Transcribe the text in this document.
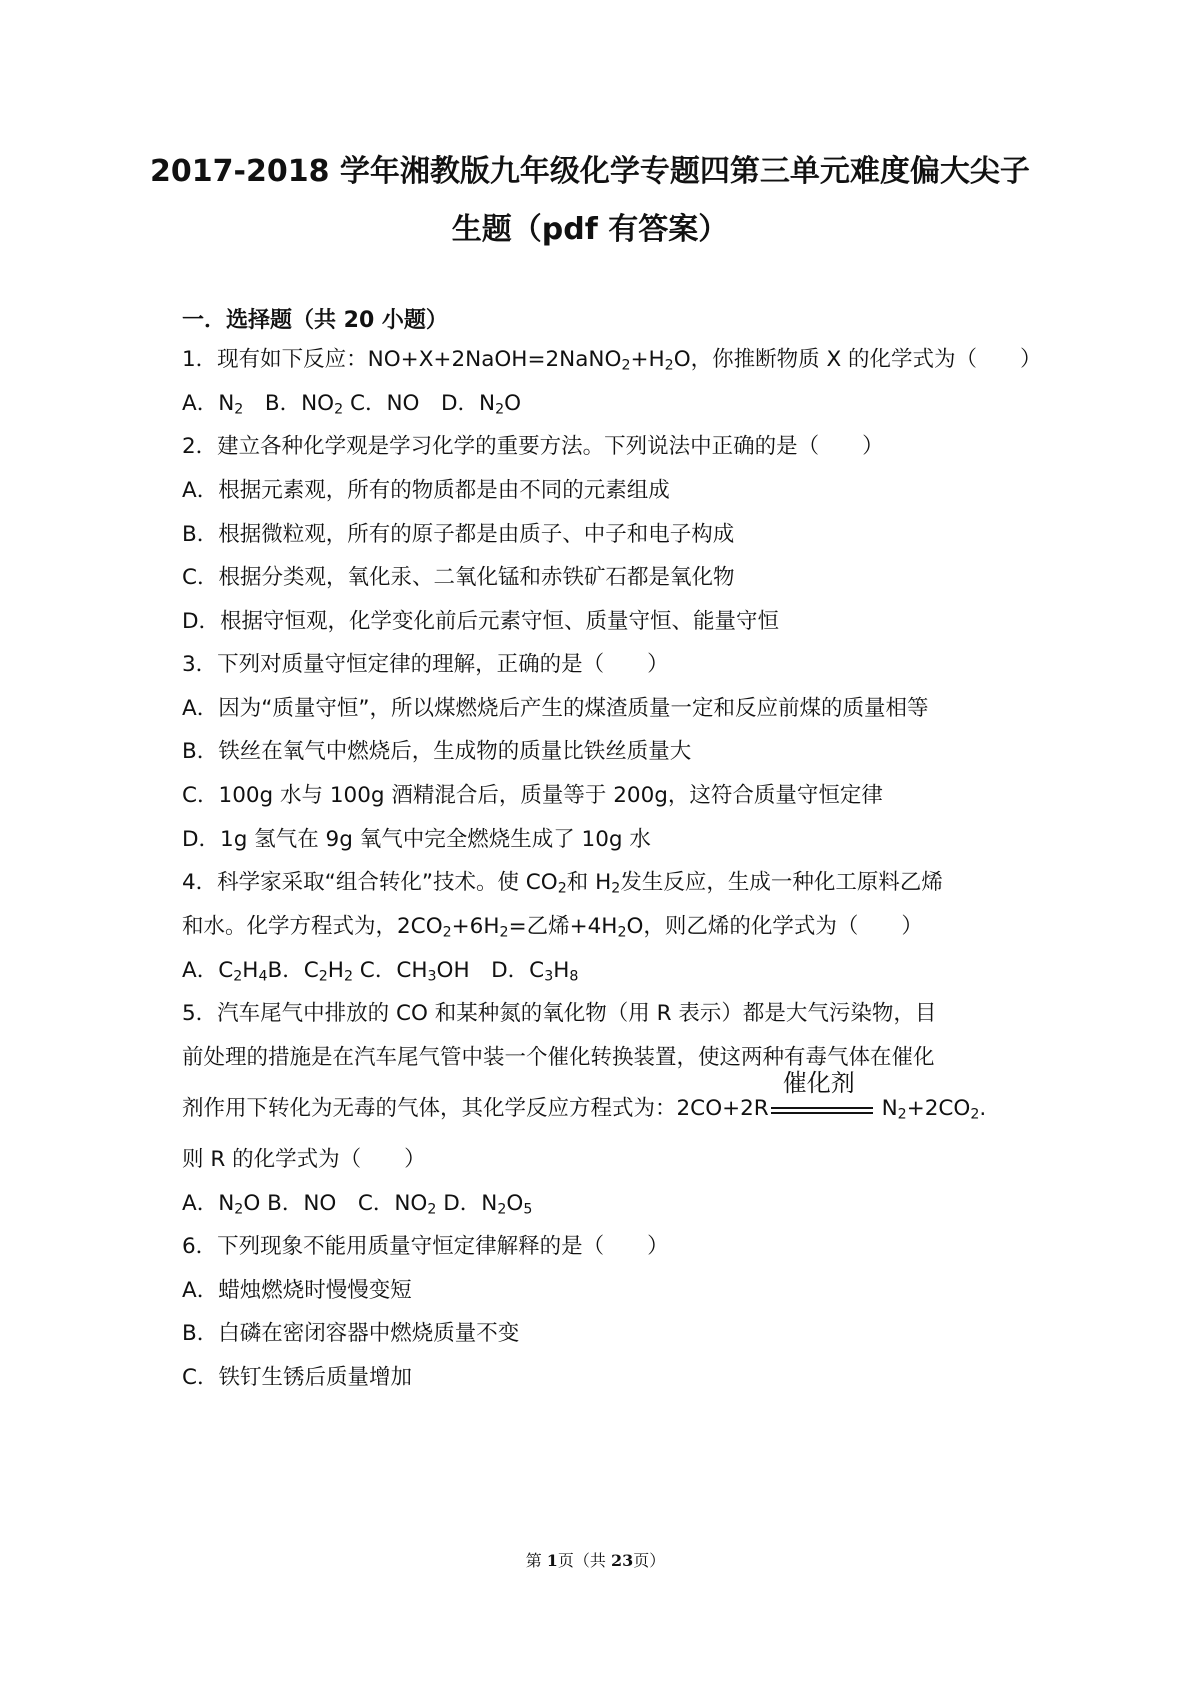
2017-2018 学年湘教版九年级化学专题四第三单元难度偏大尖子
生题（pdf 有答案）
一．选择题（共 20 小题）
1．现有如下反应：$NO+X+2NaOH=2NaNO_2+H_2O$，你推断物质 X 的化学式为（　　）
A．$N_2$　B．$NO_2$ C．NO　D．$N_2O$
2．建立各种化学观是学习化学的重要方法。下列说法中正确的是（　　）
A．根据元素观，所有的物质都是由不同的元素组成
B．根据微粒观，所有的原子都是由质子、中子和电子构成
C．根据分类观，氧化汞、二氧化锰和赤铁矿石都是氧化物
D．根据守恒观，化学变化前后元素守恒、质量守恒、能量守恒
3．下列对质量守恒定律的理解，正确的是（　　）
A．因为“质量守恒”，所以煤燃烧后产生的煤渣质量一定和反应前煤的质量相等
B．铁丝在氧气中燃烧后，生成物的质量比铁丝质量大
C．100g 水与 100g 酒精混合后，质量等于 200g，这符合质量守恒定律
D．1g 氢气在 9g 氧气中完全燃烧生成了 10g 水
4．科学家采取“组合转化”技术。使 $CO_2$和 $H_2$发生反应，生成一种化工原料乙烯
和水。化学方程式为，$2CO_2+6H_2=$乙烯$+4H_2O$，则乙烯的化学式为（　　）
A．$C_2H_4B$．$C_2H_2$ C．$CH_3OH$　D．$C_3H_8$
5．汽车尾气中排放的 CO 和某种氮的氧化物（用 R 表示）都是大气污染物，目
前处理的措施是在汽车尾气管中装一个催化转换装置，使这两种有毒气体在催化
剂作用下转化为无毒的气体，其化学反应方程式为：2CO+2R
催化剂
$N_2+2CO_2$.
则 R 的化学式为（　　）
A．$N_2O$ B．NO　C．$NO_2$ D．$N_2O_5$
6．下列现象不能用质量守恒定律解释的是（　　）
A．蜡烛燃烧时慢慢变短
B．白磷在密闭容器中燃烧质量不变
C．铁钉生锈后质量增加
第 1页（共 23页）
